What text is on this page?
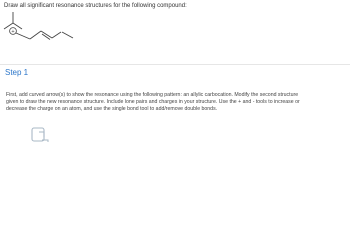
Draw all significant resonance structures for the following compound:
+
Step 1

First, add curved arrow(s) to show the resonance using the following pattern: an allylic carbocation. Modify the second structure

given to draw the new resonance structure. Include lone pairs and charges in your structure. Use the + and - tools to increase or

decrease the charge on an atom, and use the single bond tool to add/remove double bonds.
